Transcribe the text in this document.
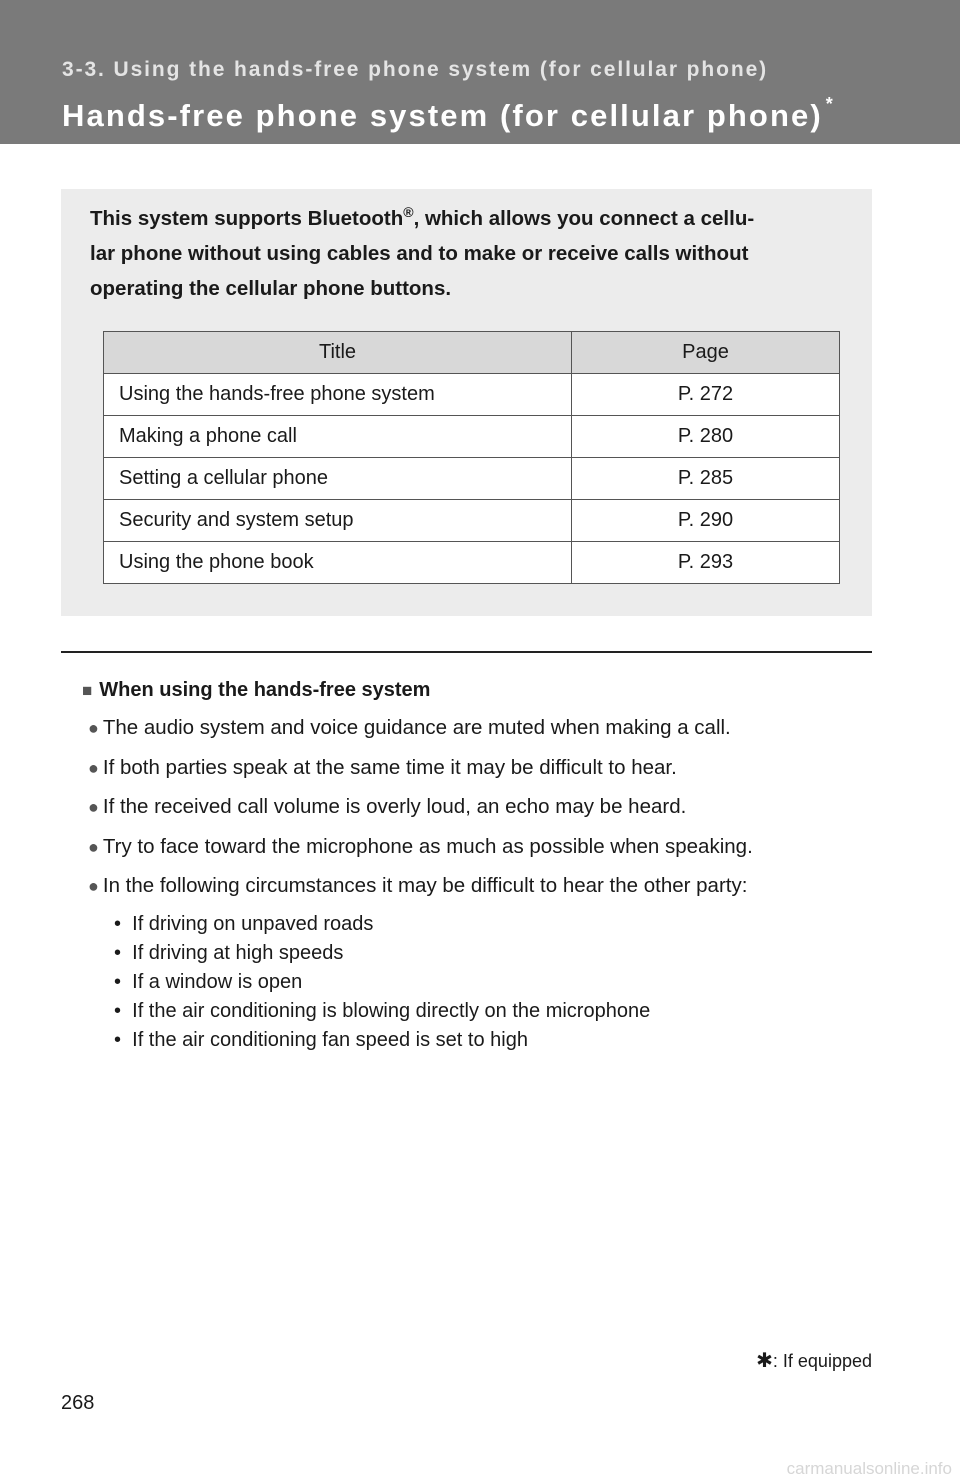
3-3. Using the hands-free phone system (for cellular phone)

Hands-free phone system (for cellular phone) *

This system supports Bluetooth®, which allows you connect a cellu-
lar phone without using cables and to make or receive calls without
operating the cellular phone buttons.

Title	Page
Using the hands-free phone system	P. 272
Making a phone call	P. 280
Setting a cellular phone	P. 285
Security and system setup	P. 290
Using the phone book	P. 293

■ When using the hands-free system

● The audio system and voice guidance are muted when making a call.

● If both parties speak at the same time it may be difficult to hear.

● If the received call volume is overly loud, an echo may be heard.

● Try to face toward the microphone as much as possible when speaking.

● In the following circumstances it may be difficult to hear the other party:

• If driving on unpaved roads

• If driving at high speeds

• If a window is open

• If the air conditioning is blowing directly on the microphone

• If the air conditioning fan speed is set to high

✱: If equipped

268

carmanualsonline.info
